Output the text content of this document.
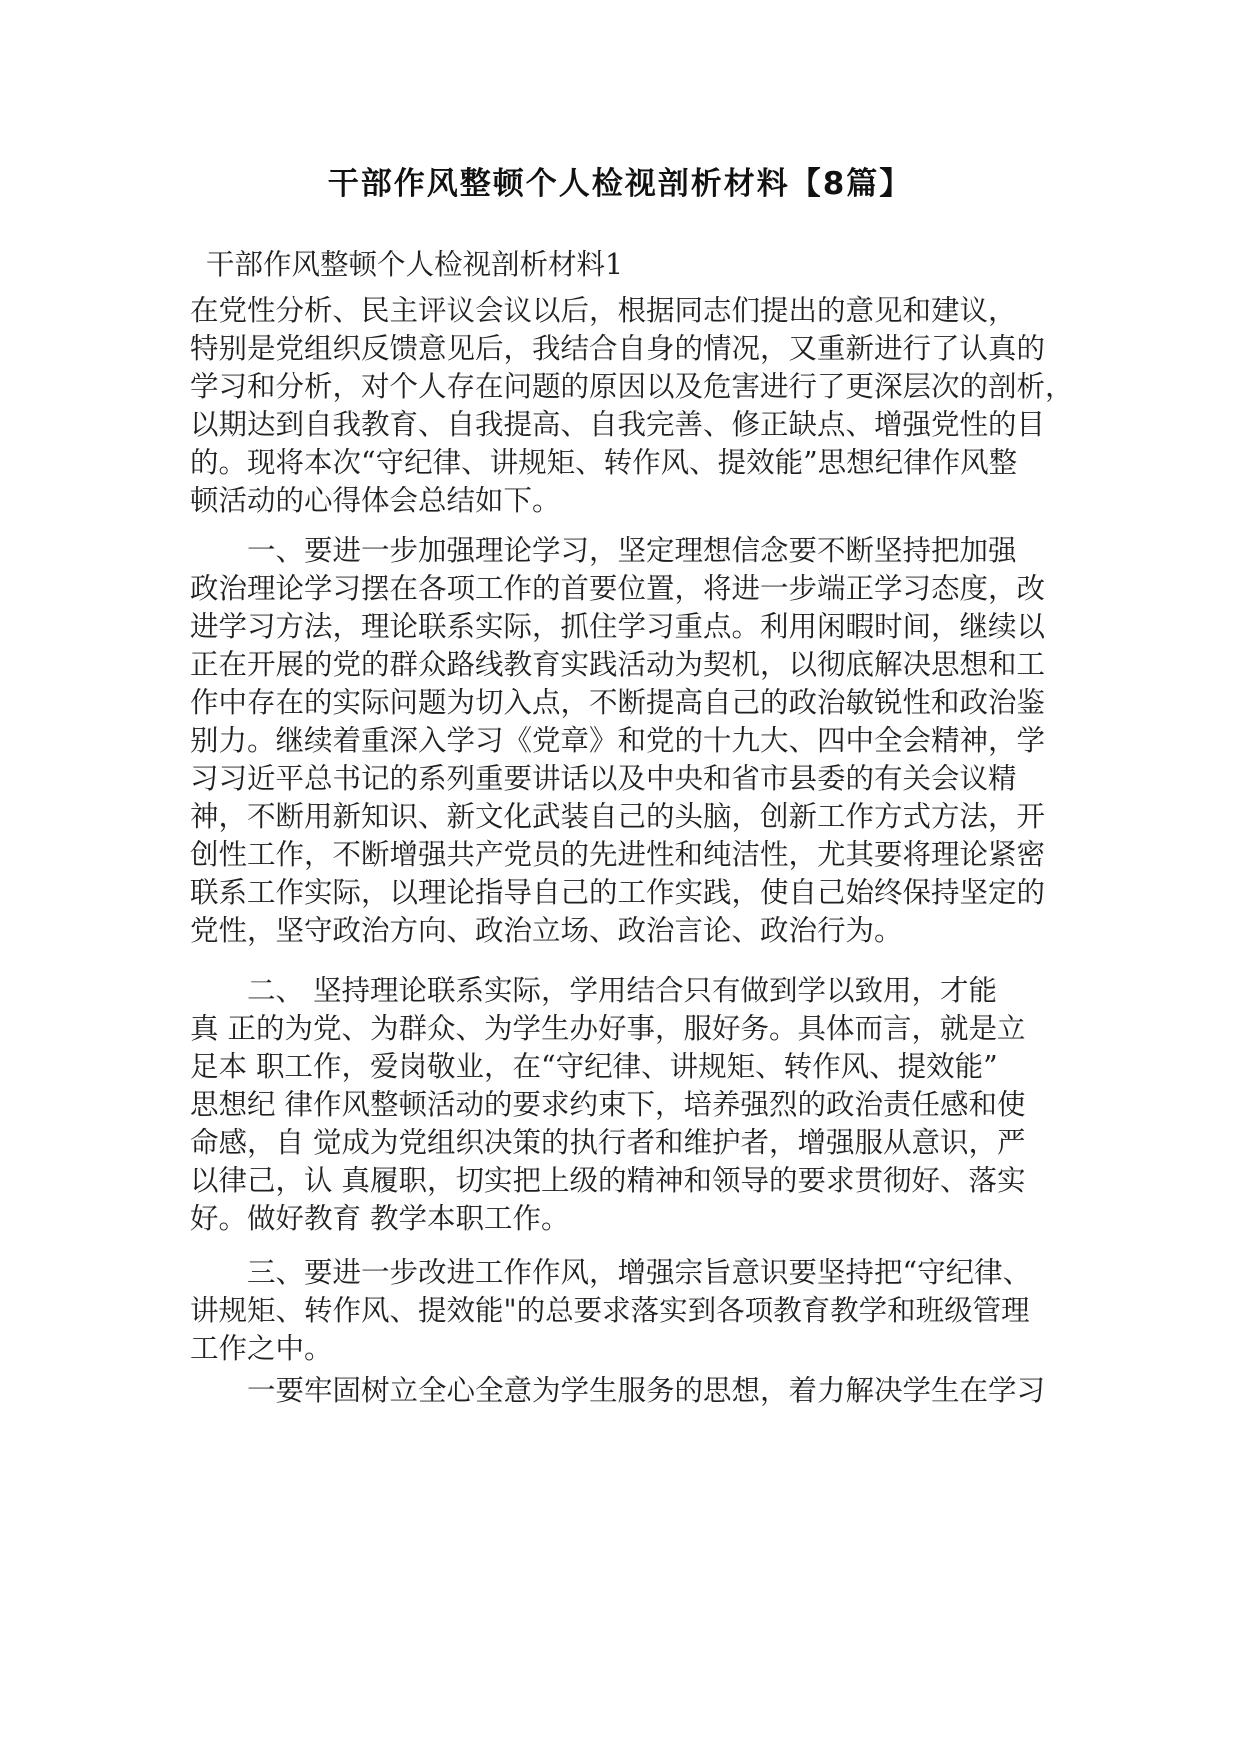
干部作风整顿个人检视剖析材料【8篇】
干部作风整顿个人检视剖析材料1
在党性分析、民主评议会议以后，根据同志们提出的意见和建议，
特别是党组织反馈意见后，我结合自身的情况，又重新进行了认真的
学习和分析，对个人存在问题的原因以及危害进行了更深层次的剖析，
以期达到自我教育、自我提高、自我完善、修正缺点、增强党性的目
的。现将本次“守纪律、讲规矩、转作风、提效能”思想纪律作风整
顿活动的心得体会总结如下。
一、要进一步加强理论学习，坚定理想信念要不断坚持把加强
政治理论学习摆在各项工作的首要位置，将进一步端正学习态度，改
进学习方法，理论联系实际，抓住学习重点。利用闲暇时间，继续以
正在开展的党的群众路线教育实践活动为契机，以彻底解决思想和工
作中存在的实际问题为切入点，不断提高自己的政治敏锐性和政治鉴
别力。继续着重深入学习《党章》和党的十九大、四中全会精神，学
习习近平总书记的系列重要讲话以及中央和省市县委的有关会议精
神，不断用新知识、新文化武装自己的头脑，创新工作方式方法，开
创性工作，不断增强共产党员的先进性和纯洁性，尤其要将理论紧密
联系工作实际，以理论指导自己的工作实践，使自己始终保持坚定的
党性，坚守政治方向、政治立场、政治言论、政治行为。
二、 坚持理论联系实际，学用结合只有做到学以致用，才能
真 正的为党、为群众、为学生办好事，服好务。具体而言，就是立
足本 职工作，爱岗敬业，在“守纪律、讲规矩、转作风、提效能”
思想纪 律作风整顿活动的要求约束下，培养强烈的政治责任感和使
命感，自 觉成为党组织决策的执行者和维护者，增强服从意识，严
以律己，认 真履职，切实把上级的精神和领导的要求贯彻好、落实
好。做好教育 教学本职工作。
三、要进一步改进工作作风，增强宗旨意识要坚持把“守纪律、
讲规矩、转作风、提效能"的总要求落实到各项教育教学和班级管理
工作之中。
一要牢固树立全心全意为学生服务的思想，着力解决学生在学习
